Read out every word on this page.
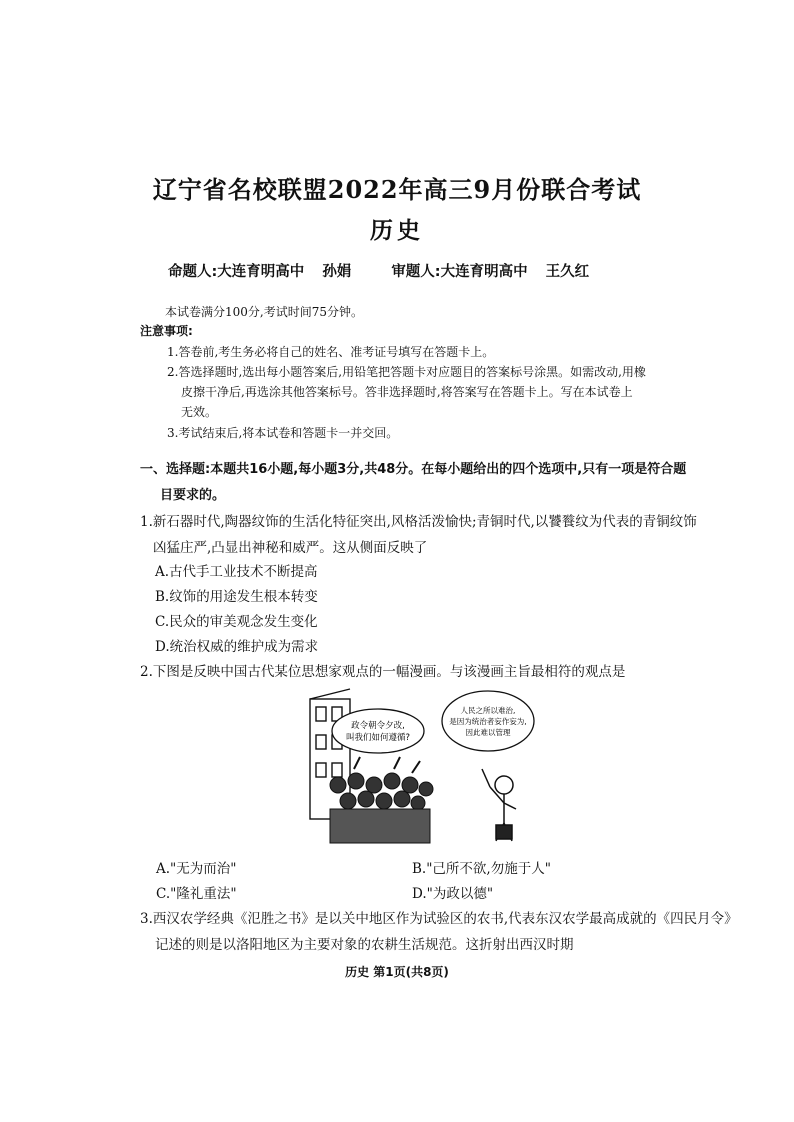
辽宁省名校联盟2022年高三9月份联合考试
历史
命题人:大连育明高中 孙娟	审题人:大连育明高中 王久红
本试卷满分100分,考试时间75分钟。
注意事项:
1.答卷前,考生务必将自己的姓名、准考证号填写在答题卡上。
2.答选择题时,选出每小题答案后,用铅笔把答题卡对应题目的答案标号涂黑。如需改动,用橡
皮擦干净后,再选涂其他答案标号。答非选择题时,将答案写在答题卡上。写在本试卷上
无效。
3.考试结束后,将本试卷和答题卡一并交回。
一、选择题:本题共16小题,每小题3分,共48分。在每小题给出的四个选项中,只有一项是符合题
目要求的。
1.新石器时代,陶器纹饰的生活化特征突出,风格活泼愉快;青铜时代,以饕餮纹为代表的青铜纹饰
凶猛庄严,凸显出神秘和威严。这从侧面反映了
A.古代手工业技术不断提高
B.纹饰的用途发生根本转变
C.民众的审美观念发生变化
D.统治权威的维护成为需求
2.下图是反映中国古代某位思想家观点的一幅漫画。与该漫画主旨最相符的观点是
政令朝令夕改,
叫我们如何遵循?
人民之所以难治,
是因为统治者妄作妄为,
因此难以管理
A."无为而治"	B."己所不欲,勿施于人"
C."隆礼重法"	D."为政以德"
3.西汉农学经典《氾胜之书》是以关中地区作为试验区的农书,代表东汉农学最高成就的《四民月令》
记述的则是以洛阳地区为主要对象的农耕生活规范。这折射出西汉时期
历史 第1页(共8页)
